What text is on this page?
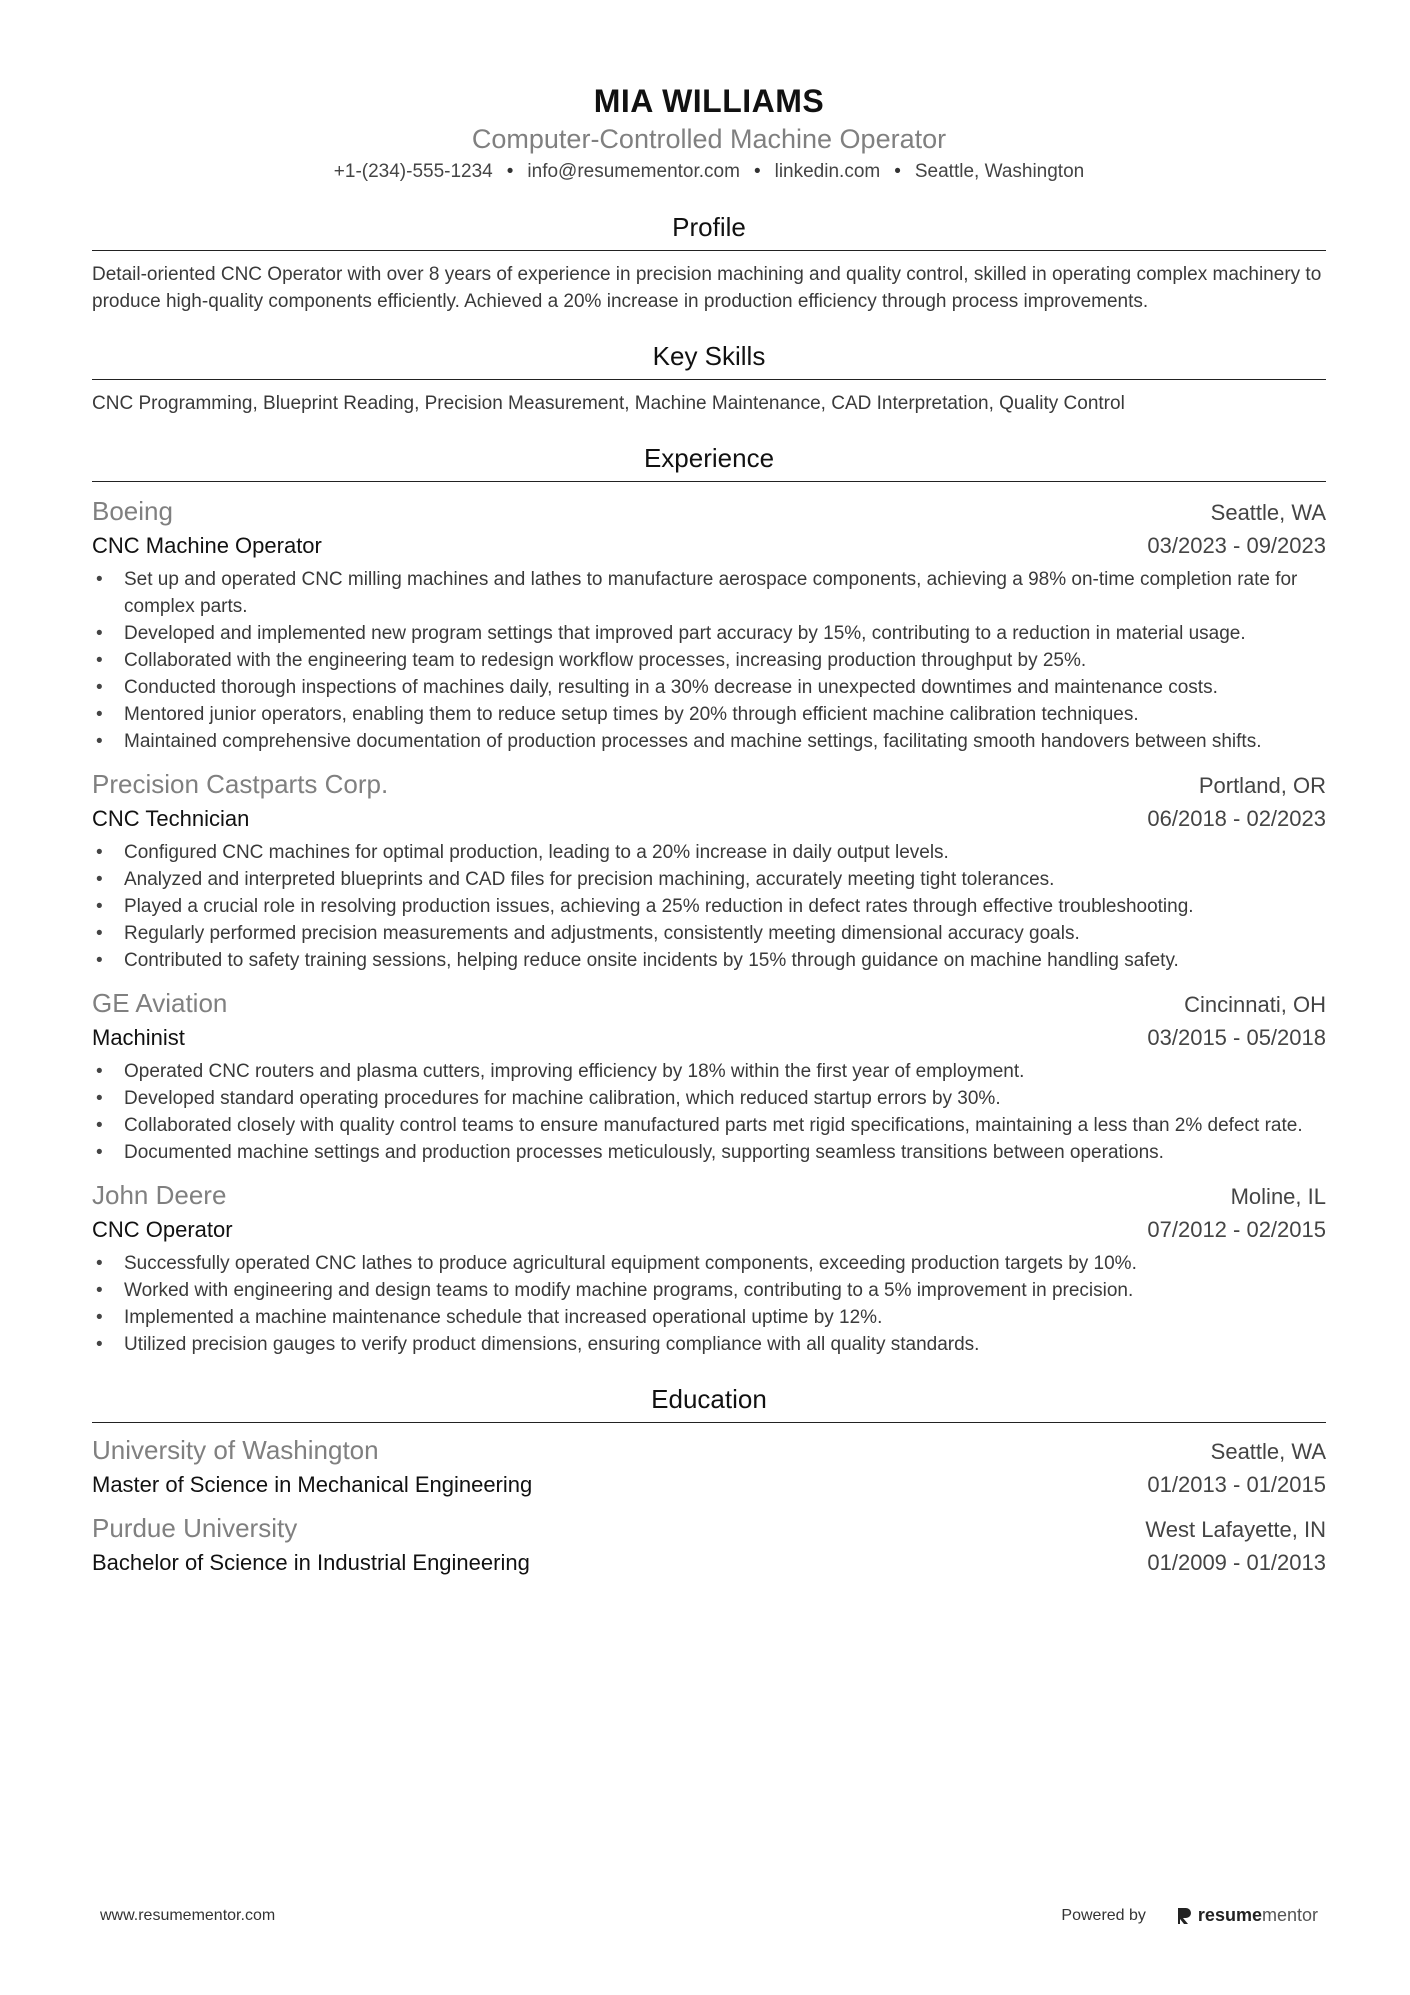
MIA WILLIAMS
Computer-Controlled Machine Operator
+1-(234)-555-1234 • info@resumementor.com • linkedin.com • Seattle, Washington
Profile
Detail-oriented CNC Operator with over 8 years of experience in precision machining and quality control, skilled in operating complex machinery to produce high-quality components efficiently. Achieved a 20% increase in production efficiency through process improvements.
Key Skills
CNC Programming, Blueprint Reading, Precision Measurement, Machine Maintenance, CAD Interpretation, Quality Control
Experience
Boeing	Seattle, WA
CNC Machine Operator	03/2023 - 09/2023
• Set up and operated CNC milling machines and lathes to manufacture aerospace components, achieving a 98% on-time completion rate for complex parts.
• Developed and implemented new program settings that improved part accuracy by 15%, contributing to a reduction in material usage.
• Collaborated with the engineering team to redesign workflow processes, increasing production throughput by 25%.
• Conducted thorough inspections of machines daily, resulting in a 30% decrease in unexpected downtimes and maintenance costs.
• Mentored junior operators, enabling them to reduce setup times by 20% through efficient machine calibration techniques.
• Maintained comprehensive documentation of production processes and machine settings, facilitating smooth handovers between shifts.
Precision Castparts Corp.	Portland, OR
CNC Technician	06/2018 - 02/2023
• Configured CNC machines for optimal production, leading to a 20% increase in daily output levels.
• Analyzed and interpreted blueprints and CAD files for precision machining, accurately meeting tight tolerances.
• Played a crucial role in resolving production issues, achieving a 25% reduction in defect rates through effective troubleshooting.
• Regularly performed precision measurements and adjustments, consistently meeting dimensional accuracy goals.
• Contributed to safety training sessions, helping reduce onsite incidents by 15% through guidance on machine handling safety.
GE Aviation	Cincinnati, OH
Machinist	03/2015 - 05/2018
• Operated CNC routers and plasma cutters, improving efficiency by 18% within the first year of employment.
• Developed standard operating procedures for machine calibration, which reduced startup errors by 30%.
• Collaborated closely with quality control teams to ensure manufactured parts met rigid specifications, maintaining a less than 2% defect rate.
• Documented machine settings and production processes meticulously, supporting seamless transitions between operations.
John Deere	Moline, IL
CNC Operator	07/2012 - 02/2015
• Successfully operated CNC lathes to produce agricultural equipment components, exceeding production targets by 10%.
• Worked with engineering and design teams to modify machine programs, contributing to a 5% improvement in precision.
• Implemented a machine maintenance schedule that increased operational uptime by 12%.
• Utilized precision gauges to verify product dimensions, ensuring compliance with all quality standards.
Education
University of Washington	Seattle, WA
Master of Science in Mechanical Engineering	01/2013 - 01/2015
Purdue University	West Lafayette, IN
Bachelor of Science in Industrial Engineering	01/2009 - 01/2013
www.resumementor.com	Powered by	resume mentor
